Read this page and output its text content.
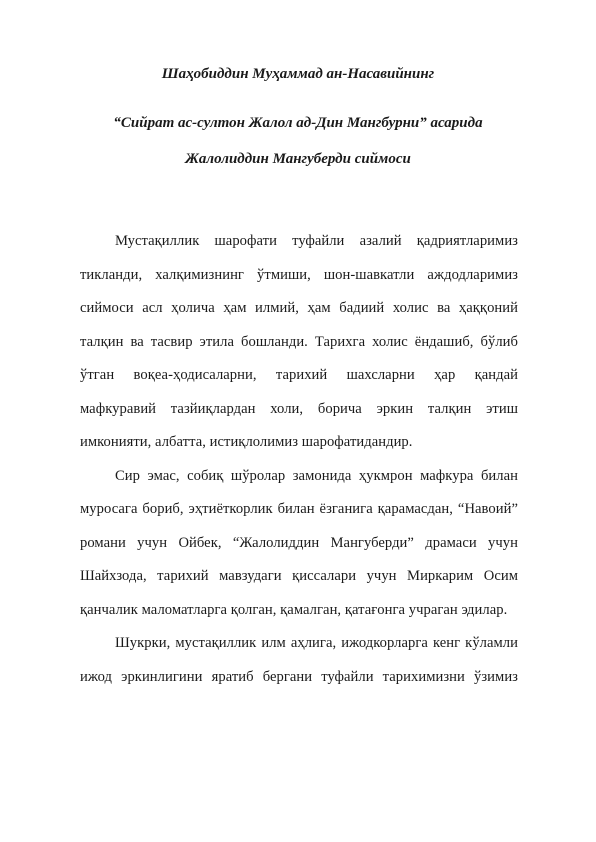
Шаҳобиддин Муҳаммад ан-Насавийнинг
“Сийрат ас-султон Жалол ад-Дин Мангбурни” асарида
Жалолиддин Мангуберди сиймоси

Мустақиллик шарофати туфайли азалий қадриятларимиз тикланди, халқимизнинг ўтмиши, шон-шавкатли аждодларимиз сиймоси асл ҳолича ҳам илмий, ҳам бадиий холис ва ҳаққоний талқин ва тасвир этила бошланди. Тарихга холис ёндашиб, бўлиб ўтган воқеа-ҳодисаларни, тарихий шахсларни ҳар қандай мафкуравий тазйиқлардан холи, борича эркин талқин этиш имконияти, албатта, истиқлолимиз шарофатидандир.

Сир эмас, собиқ шўролар замонида ҳукмрон мафкура билан муросага бориб, эҳтиёткорлик билан ёзганига қарамасдан, “Навоий” романи учун Ойбек, “Жалолиддин Мангуберди” драмаси учун Шайхзода, тарихий мавзудаги қиссалари учун Миркарим Осим қанчалик маломатларга қолган, қамалган, қатағонга учраган эдилар.

Шукрки, мустақиллик илм аҳлига, ижодкорларга кенг кўламли ижод эркинлигини яратиб бергани туфайли тарихимизни ўзимиз
